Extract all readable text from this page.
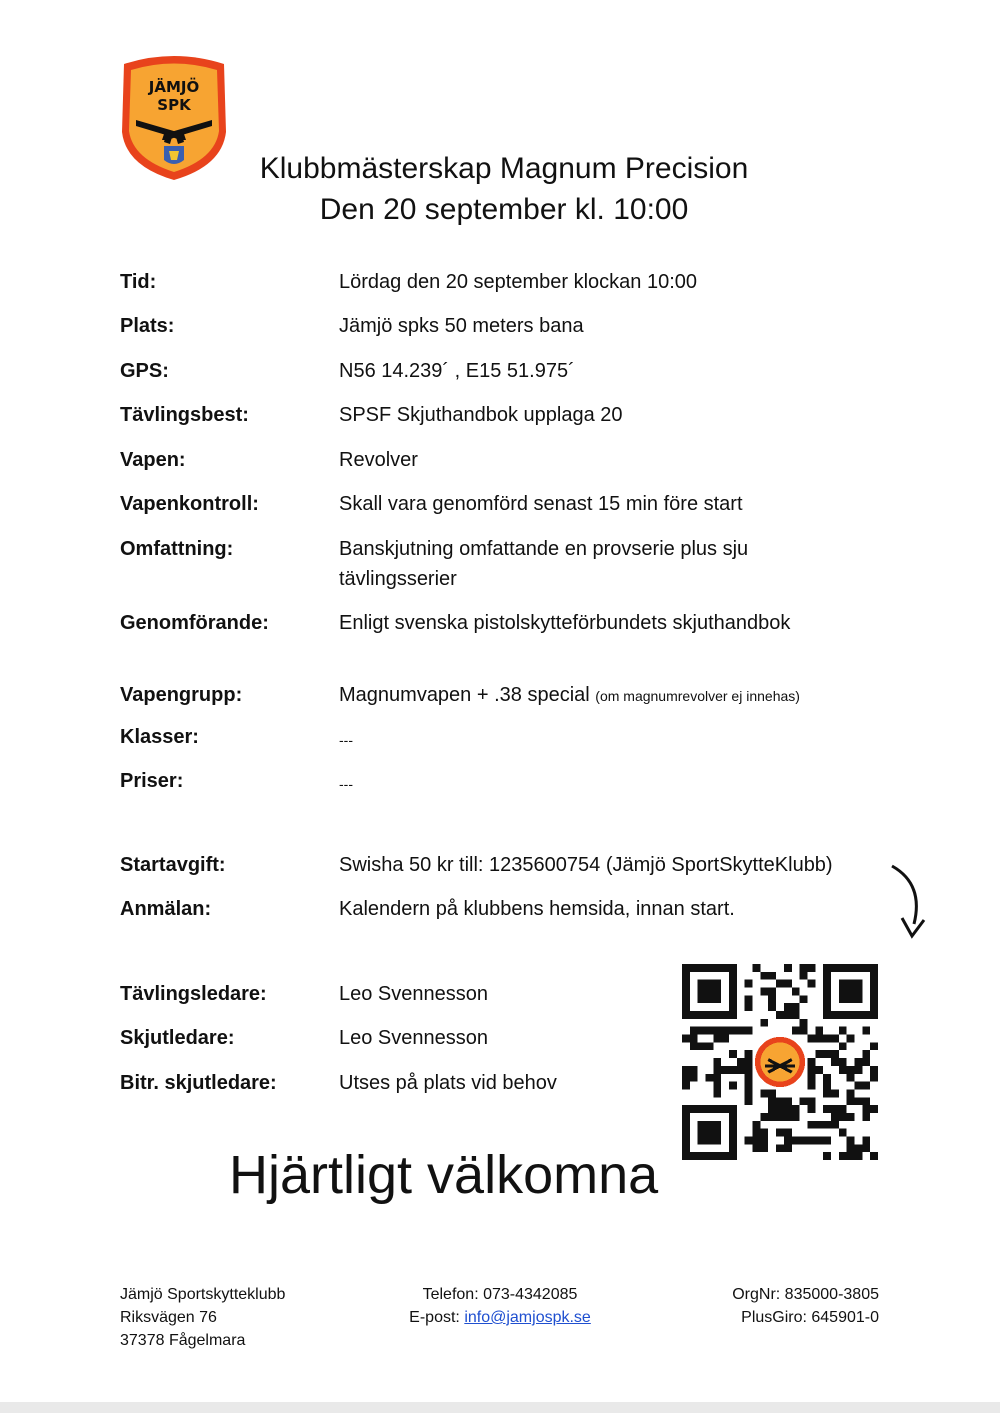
JÄMJÖ
SPK
Klubbmästerskap Magnum Precision
Den 20 september kl. 10:00
Tid:	Lördag den 20 september klockan 10:00
Plats:	Jämjö spks 50 meters bana
GPS:	N56 14.239´ , E15 51.975´
Tävlingsbest:	SPSF Skjuthandbok upplaga 20
Vapen:	Revolver
Vapenkontroll:	Skall vara genomförd senast 15 min före start
Omfattning:	Banskjutning omfattande en provserie plus sju
tävlingsserier
Genomförande:	Enligt svenska pistolskytteförbundets skjuthandbok
Vapengrupp:	Magnumvapen + .38 special (om magnumrevolver ej innehas)
Klasser:	---
Priser:	---
Startavgift:	Swisha 50 kr till: 1235600754 (Jämjö SportSkytteKlubb)
Anmälan:	Kalendern på klubbens hemsida, innan start.
Tävlingsledare:	Leo Svennesson
Skjutledare:	Leo Svennesson
Bitr. skjutledare:	Utses på plats vid behov
Hjärtligt välkomna
Jämjö Sportskytteklubb
Riksvägen 76
37378 Fågelmara
Telefon: 073-4342085
E-post: info@jamjospk.se
OrgNr: 835000-3805
PlusGiro: 645901-0
